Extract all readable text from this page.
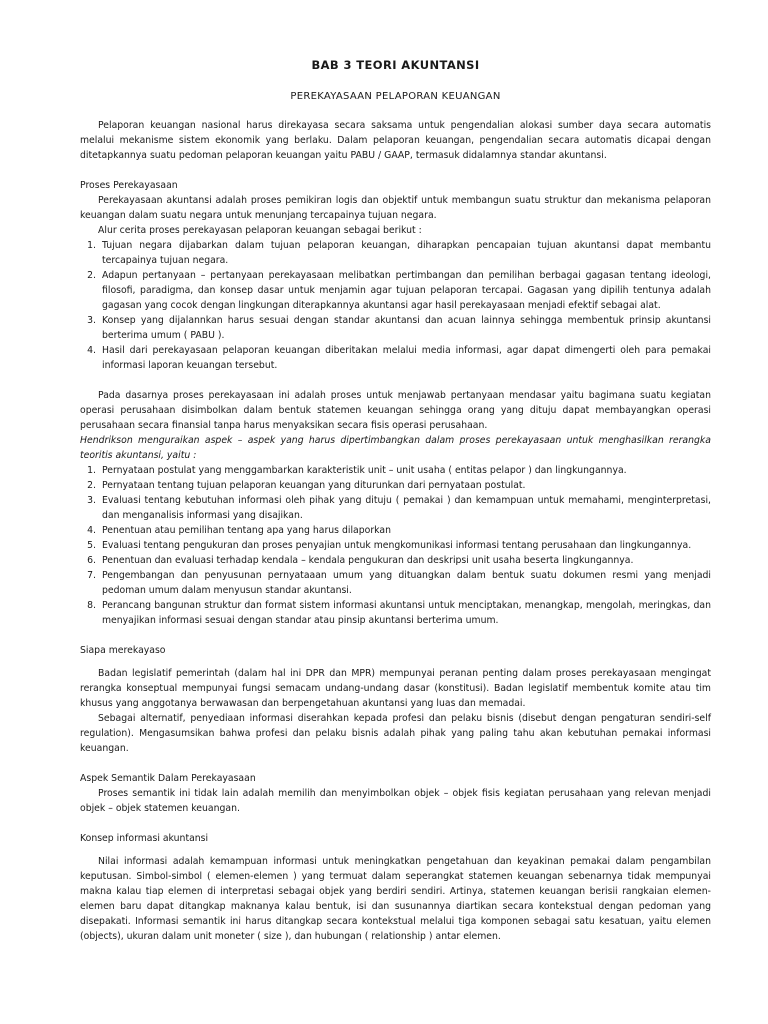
BAB 3 TEORI AKUNTANSI
PEREKAYASAAN PELAPORAN KEUANGAN

Pelaporan keuangan nasional harus direkayasa secara saksama untuk pengendalian alokasi sumber daya secara automatis melalui mekanisme sistem ekonomik yang berlaku. Dalam pelaporan keuangan, pengendalian secara automatis dicapai dengan ditetapkannya suatu pedoman pelaporan keuangan yaitu PABU / GAAP, termasuk didalamnya standar akuntansi.

Proses Perekayasaan

Perekayasaan akuntansi adalah proses pemikiran logis dan objektif untuk membangun suatu struktur dan mekanisma pelaporan keuangan dalam suatu negara untuk menunjang tercapainya tujuan negara.

Alur cerita proses perekayasan pelaporan keuangan sebagai berikut :

1. Tujuan negara dijabarkan dalam tujuan pelaporan keuangan, diharapkan pencapaian tujuan akuntansi dapat membantu tercapainya tujuan negara.
2. Adapun pertanyaan – pertanyaan perekayasaan melibatkan pertimbangan dan pemilihan berbagai gagasan tentang ideologi, filosofi, paradigma, dan konsep dasar untuk menjamin agar tujuan pelaporan tercapai. Gagasan yang dipilih tentunya adalah gagasan yang cocok dengan lingkungan diterapkannya akuntansi agar hasil perekayasaan menjadi efektif sebagai alat.
3. Konsep yang dijalannkan harus sesuai dengan standar akuntansi dan acuan lainnya sehingga membentuk prinsip akuntansi berterima umum ( PABU ).
4. Hasil dari perekayasaan pelaporan keuangan diberitakan melalui media informasi, agar dapat dimengerti oleh para pemakai informasi laporan keuangan tersebut.

Pada dasarnya proses perekayasaan ini adalah proses untuk menjawab pertanyaan mendasar yaitu bagimana suatu kegiatan operasi perusahaan disimbolkan dalam bentuk statemen keuangan sehingga orang yang dituju dapat membayangkan operasi perusahaan secara finansial tanpa harus menyaksikan secara fisis operasi perusahaan.

Hendrikson menguraikan aspek – aspek yang harus dipertimbangkan dalam proses perekayasaan untuk menghasilkan rerangka teoritis akuntansi, yaitu :

1. Pernyataan postulat yang menggambarkan karakteristik unit – unit usaha ( entitas pelapor ) dan lingkungannya.
2. Pernyataan tentang tujuan pelaporan keuangan yang diturunkan dari pernyataan postulat.
3. Evaluasi tentang kebutuhan informasi oleh pihak yang dituju ( pemakai ) dan kemampuan untuk memahami, menginterpretasi, dan menganalisis informasi yang disajikan.
4. Penentuan atau pemilihan tentang apa yang harus dilaporkan
5. Evaluasi tentang pengukuran dan proses penyajian untuk mengkomunikasi informasi tentang perusahaan dan lingkungannya.
6. Penentuan dan evaluasi terhadap kendala – kendala pengukuran dan deskripsi unit usaha beserta lingkungannya.
7. Pengembangan dan penyusunan pernyataaan umum yang dituangkan dalam bentuk suatu dokumen resmi yang menjadi pedoman umum dalam menyusun standar akuntansi.
8. Perancang bangunan struktur dan format sistem informasi akuntansi untuk menciptakan, menangkap, mengolah, meringkas, dan menyajikan informasi sesuai dengan standar atau pinsip akuntansi berterima umum.
Siapa merekayaso

Badan legislatif pemerintah (dalam hal ini DPR dan MPR) mempunyai peranan penting dalam proses perekayasaan mengingat rerangka konseptual mempunyai fungsi semacam undang-undang dasar (konstitusi). Badan legislatif membentuk komite atau tim khusus yang anggotanya berwawasan dan berpengetahuan akuntansi yang luas dan memadai.

Sebagai alternatif, penyediaan informasi diserahkan kepada profesi dan pelaku bisnis (disebut dengan pengaturan sendiri-self regulation). Mengasumsikan bahwa profesi dan pelaku bisnis adalah pihak yang paling tahu akan kebutuhan pemakai informasi keuangan.

Aspek Semantik Dalam Perekayasaan

Proses semantik ini tidak lain adalah memilih dan menyimbolkan objek – objek fisis kegiatan perusahaan yang relevan menjadi objek – objek statemen keuangan.

Konsep informasi akuntansi

Nilai informasi adalah kemampuan informasi untuk meningkatkan pengetahuan dan keyakinan pemakai dalam pengambilan keputusan. Simbol-simbol ( elemen-elemen ) yang termuat dalam seperangkat statemen keuangan sebenarnya tidak mempunyai makna kalau tiap elemen di interpretasi sebagai objek yang berdiri sendiri. Artinya, statemen keuangan berisii rangkaian elemen-elemen baru dapat ditangkap maknanya kalau bentuk, isi dan susunannya diartikan secara kontekstual dengan pedoman yang disepakati. Informasi semantik ini harus ditangkap secara kontekstual melalui tiga komponen sebagai satu kesatuan, yaitu elemen (objects), ukuran dalam unit moneter ( size ), dan hubungan ( relationship ) antar elemen.
